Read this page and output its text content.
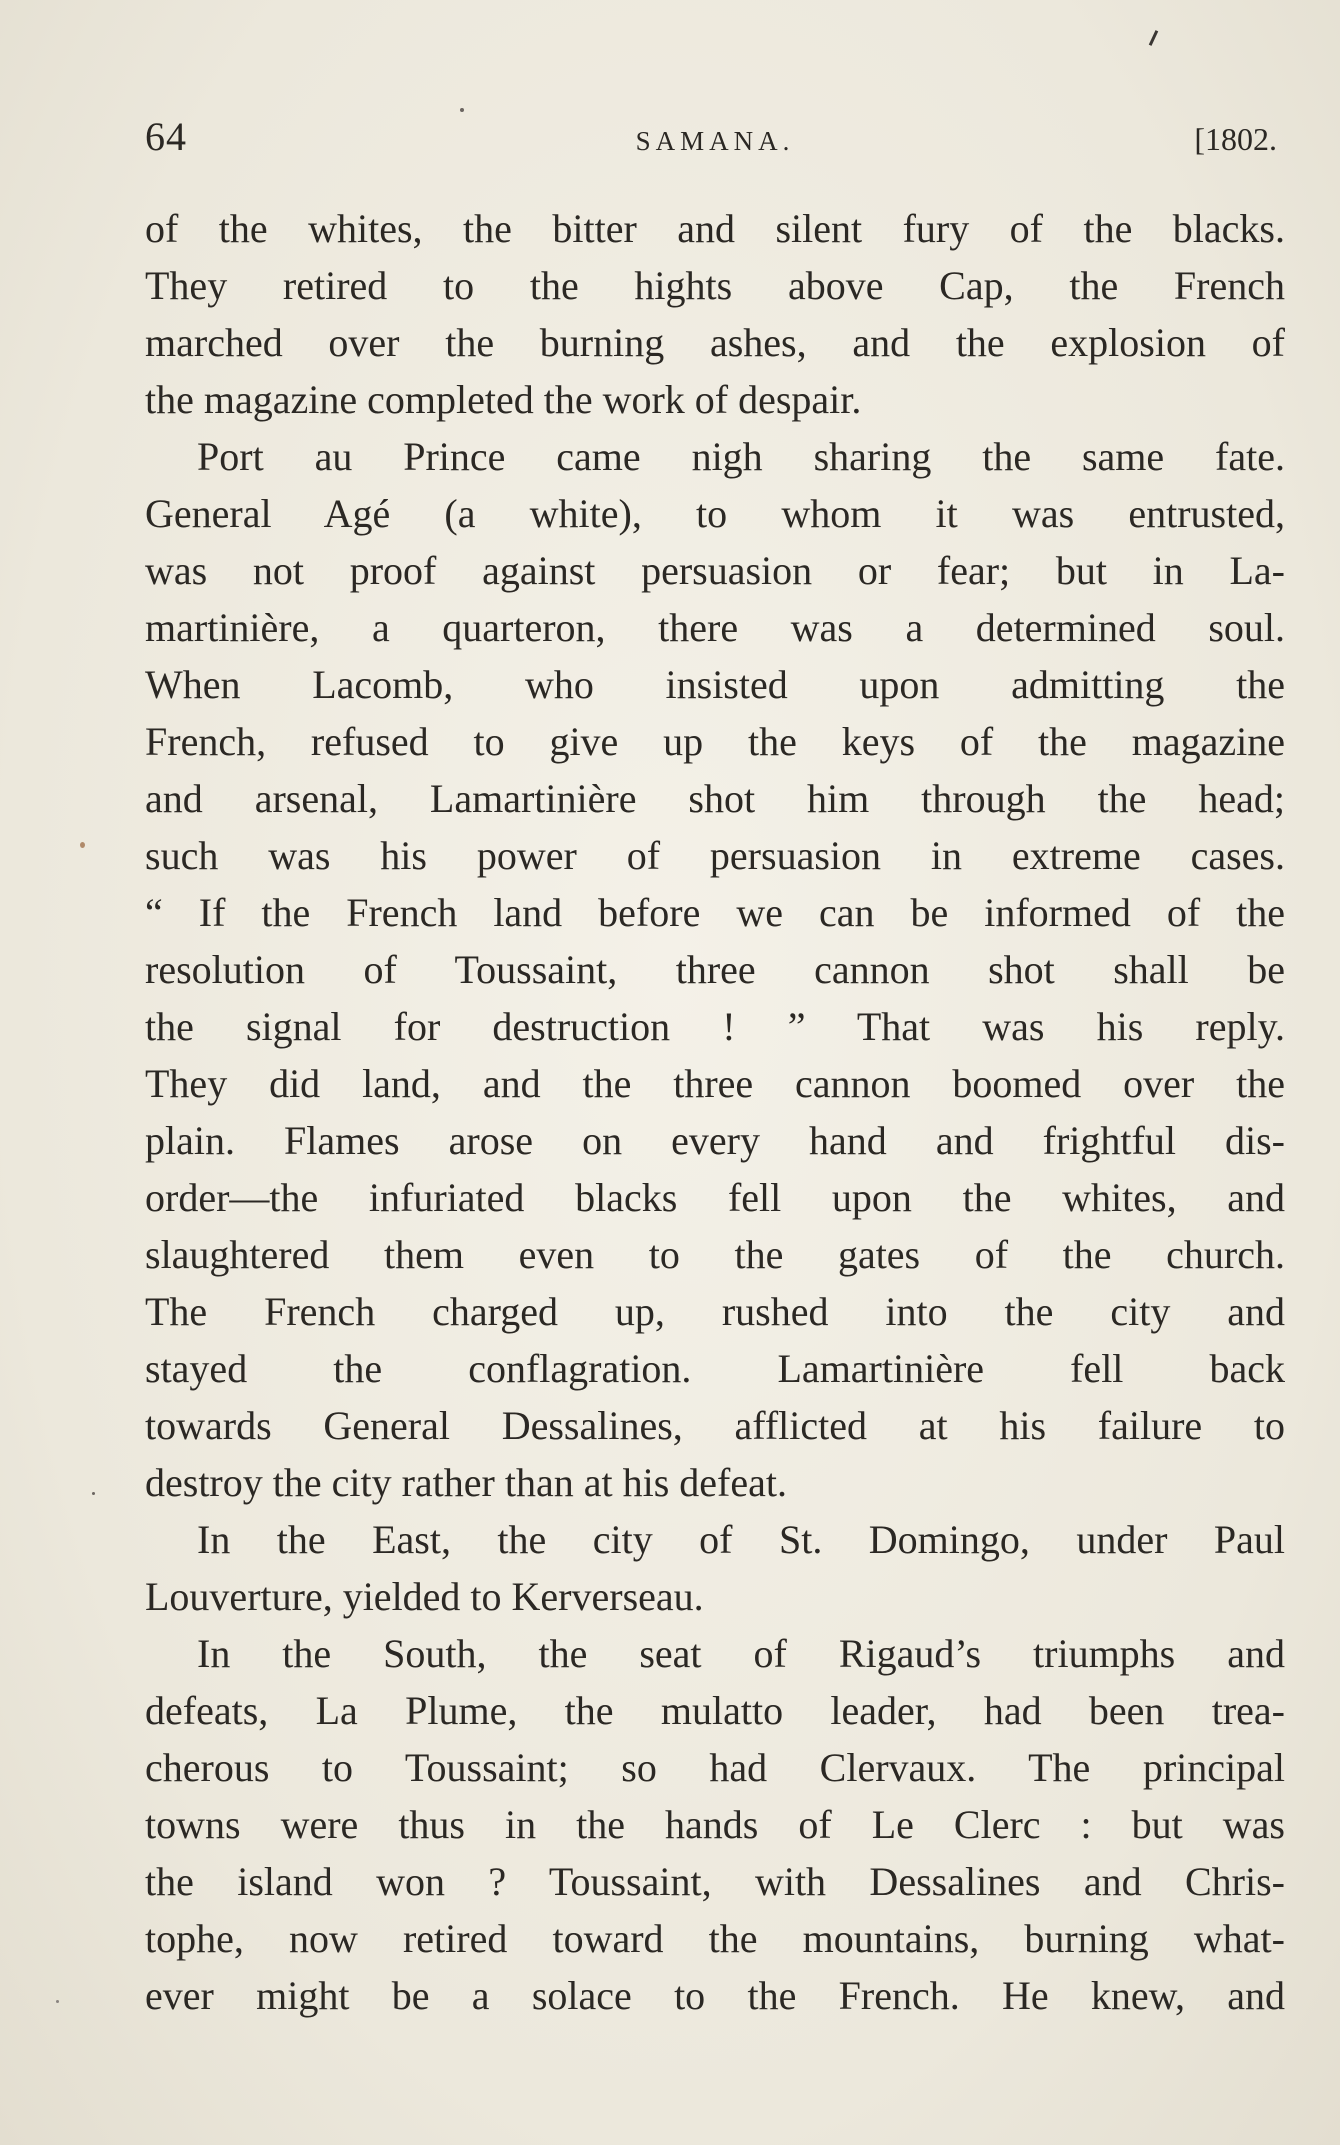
64	SAMANA.	[1802.
of the whites, the bitter and silent fury of the blacks.
They retired to the hights above Cap, the French
marched over the burning ashes, and the explosion of
the magazine completed the work of despair.
Port au Prince came nigh sharing the same fate.
General Agé (a white), to whom it was entrusted,
was not proof against persuasion or fear; but in La-
martinière, a quarteron, there was a determined soul.
When Lacomb, who insisted upon admitting the
French, refused to give up the keys of the magazine
and arsenal, Lamartinière shot him through the head;
such was his power of persuasion in extreme cases.
“ If the French land before we can be informed of the
resolution of Toussaint, three cannon shot shall be
the signal for destruction ! ” That was his reply.
They did land, and the three cannon boomed over the
plain. Flames arose on every hand and frightful dis-
order—the infuriated blacks fell upon the whites, and
slaughtered them even to the gates of the church.
The French charged up, rushed into the city and
stayed the conflagration. Lamartinière fell back
towards General Dessalines, afflicted at his failure to
destroy the city rather than at his defeat.
In the East, the city of St. Domingo, under Paul
Louverture, yielded to Kerverseau.
In the South, the seat of Rigaud’s triumphs and
defeats, La Plume, the mulatto leader, had been trea-
cherous to Toussaint; so had Clervaux. The principal
towns were thus in the hands of Le Clerc : but was
the island won ? Toussaint, with Dessalines and Chris-
tophe, now retired toward the mountains, burning what-
ever might be a solace to the French. He knew, and
